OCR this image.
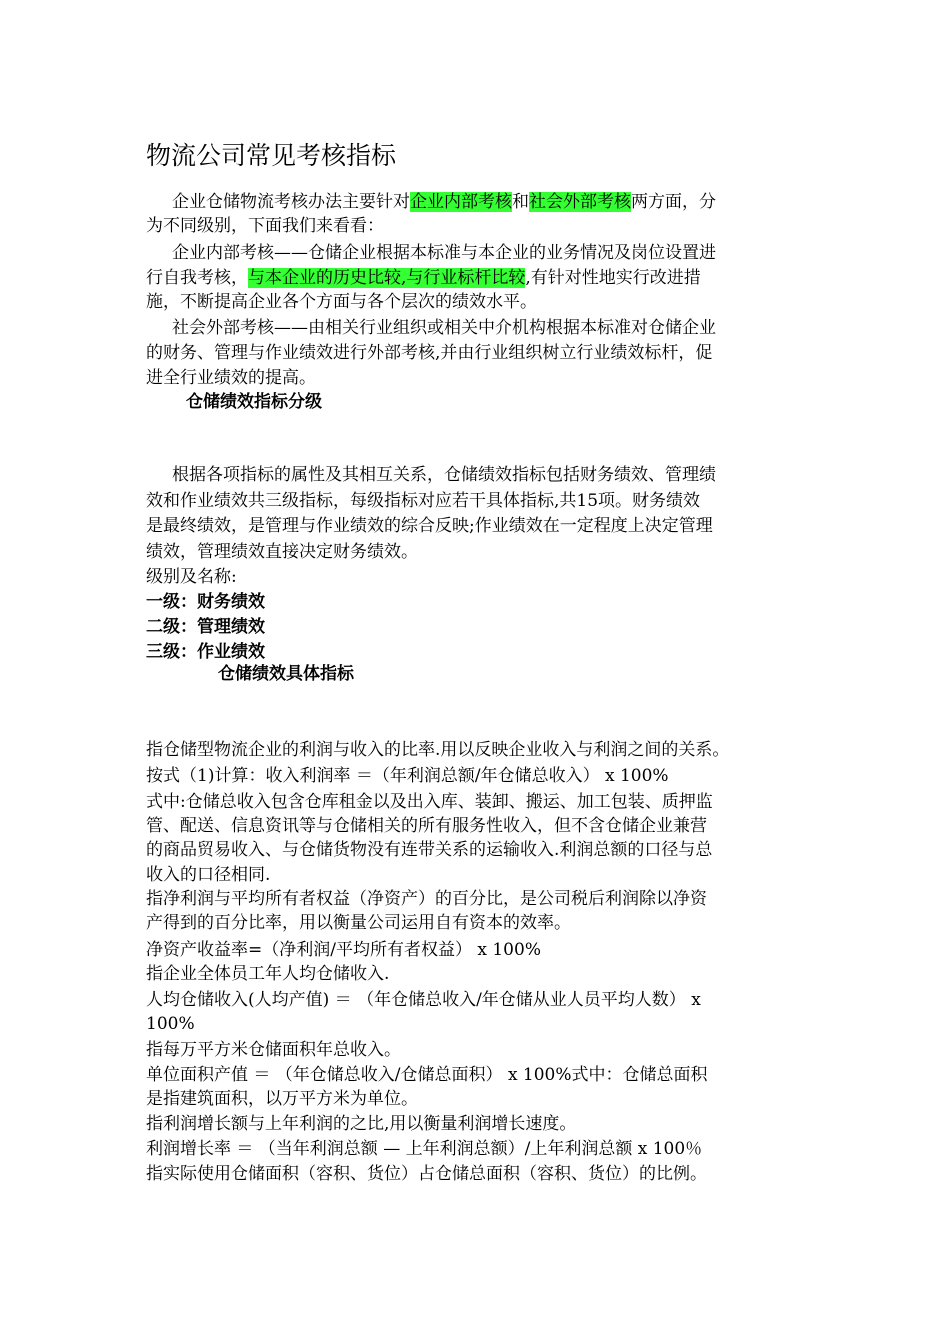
物流公司常见考核指标

企业仓储物流考核办法主要针对企业内部考核和社会外部考核两方面，分

为不同级别，下面我们来看看：

企业内部考核——仓储企业根据本标准与本企业的业务情况及岗位设置进

行自我考核，与本企业的历史比较,与行业标杆比较,有针对性地实行改进措

施，不断提高企业各个方面与各个层次的绩效水平。

社会外部考核——由相关行业组织或相关中介机构根据本标准对仓储企业

的财务、管理与作业绩效进行外部考核,并由行业组织树立行业绩效标杆，促

进全行业绩效的提高。

仓储绩效指标分级

根据各项指标的属性及其相互关系，仓储绩效指标包括财务绩效、管理绩

效和作业绩效共三级指标，每级指标对应若干具体指标,共15项。财务绩效

是最终绩效，是管理与作业绩效的综合反映;作业绩效在一定程度上决定管理

绩效，管理绩效直接决定财务绩效。

级别及名称:

一级：财务绩效

二级：管理绩效

三级：作业绩效

仓储绩效具体指标

指仓储型物流企业的利润与收入的比率.用以反映企业收入与利润之间的关系。

按式（1)计算：收入利润率 ＝（年利润总额/年仓储总收入） x 100%

式中:仓储总收入包含仓库租金以及出入库、装卸、搬运、加工包装、质押监

管、配送、信息资讯等与仓储相关的所有服务性收入，但不含仓储企业兼营

的商品贸易收入、与仓储货物没有连带关系的运输收入.利润总额的口径与总

收入的口径相同.

指净利润与平均所有者权益（净资产）的百分比，是公司税后利润除以净资

产得到的百分比率，用以衡量公司运用自有资本的效率。

净资产收益率=（净利润/平均所有者权益） x 100%

指企业全体员工年人均仓储收入.

人均仓储收入(人均产值) ＝ （年仓储总收入/年仓储从业人员平均人数） x

100%

指每万平方米仓储面积年总收入。

单位面积产值 ＝ （年仓储总收入/仓储总面积） x 100%式中：仓储总面积

是指建筑面积，以万平方米为单位。

指利润增长额与上年利润的之比,用以衡量利润增长速度。

利润增长率 ＝ （当年利润总额 — 上年利润总额）/上年利润总额 x 100％

指实际使用仓储面积（容积、货位）占仓储总面积（容积、货位）的比例。
